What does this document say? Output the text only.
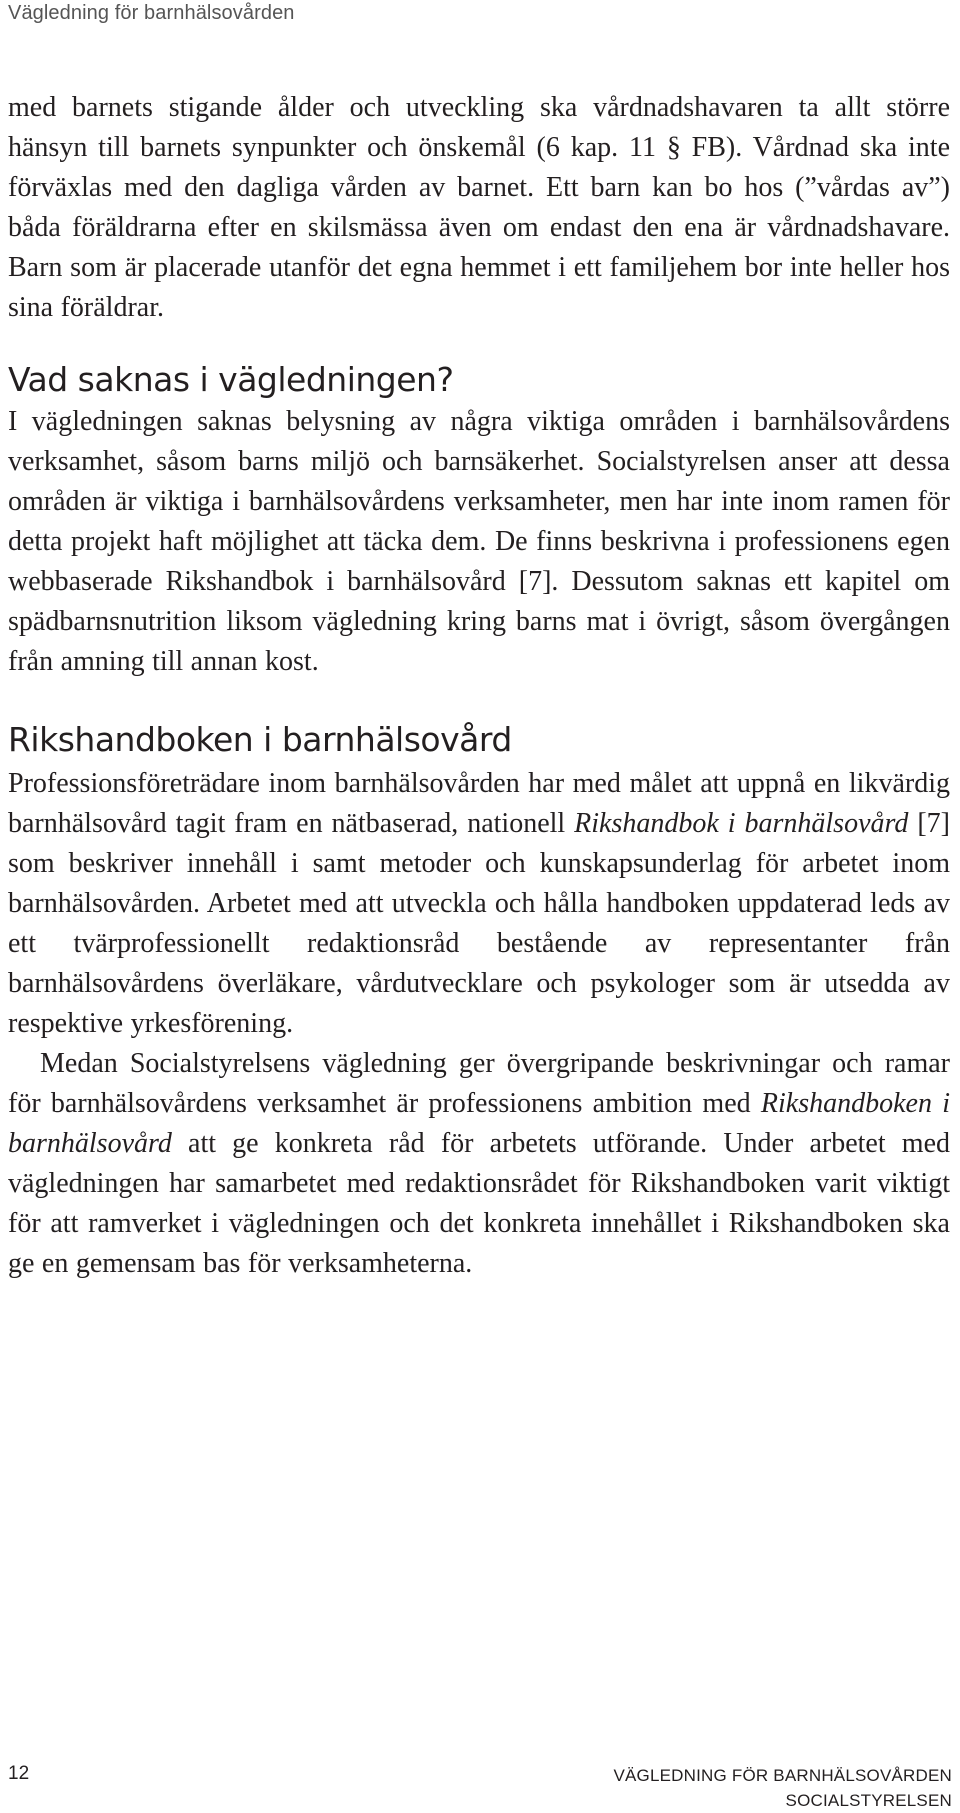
Vägledning för barnhälsovården

med barnets stigande ålder och utveckling ska vårdnadshavaren ta allt större hänsyn till barnets synpunkter och önskemål (6 kap. 11 § FB). Vårdnad ska inte förväxlas med den dagliga vården av barnet. Ett barn kan bo hos (”vårdas av”) båda föräldrarna efter en skilsmässa även om endast den ena är vårdnadshavare. Barn som är placerade utanför det egna hemmet i ett familjehem bor inte heller hos sina föräldrar.

Vad saknas i vägledningen?

I vägledningen saknas belysning av några viktiga områden i barnhälsovårdens verksamhet, såsom barns miljö och barnsäkerhet. Socialstyrelsen anser att dessa områden är viktiga i barnhälsovårdens verksamheter, men har inte inom ramen för detta projekt haft möjlighet att täcka dem. De finns beskrivna i professionens egen webbaserade Rikshandbok i barnhälsovård [7]. Dessutom saknas ett kapitel om spädbarnsnutrition liksom vägledning kring barns mat i övrigt, såsom övergången från amning till annan kost.

Rikshandboken i barnhälsovård

Professionsföreträdare inom barnhälsovården har med målet att uppnå en likvärdig barnhälsovård tagit fram en nätbaserad, nationell Rikshandbok i barnhälsovård [7] som beskriver innehåll i samt metoder och kunskapsunderlag för arbetet inom barnhälsovården. Arbetet med att utveckla och hålla handboken uppdaterad leds av ett tvärprofessionellt redaktionsråd bestående av representanter från barnhälsovårdens överläkare, vårdutvecklare och psykologer som är utsedda av respektive yrkesförening.

Medan Socialstyrelsens vägledning ger övergripande beskrivningar och ramar för barnhälsovårdens verksamhet är professionens ambition med Rikshandboken i barnhälsovård att ge konkreta råd för arbetets utförande. Under arbetet med vägledningen har samarbetet med redaktionsrådet för Rikshandboken varit viktigt för att ramverket i vägledningen och det konkreta innehållet i Rikshandboken ska ge en gemensam bas för verksamheterna.

12	VÄGLEDNING FÖR BARNHÄLSOVÅRDEN
SOCIALSTYRELSEN
